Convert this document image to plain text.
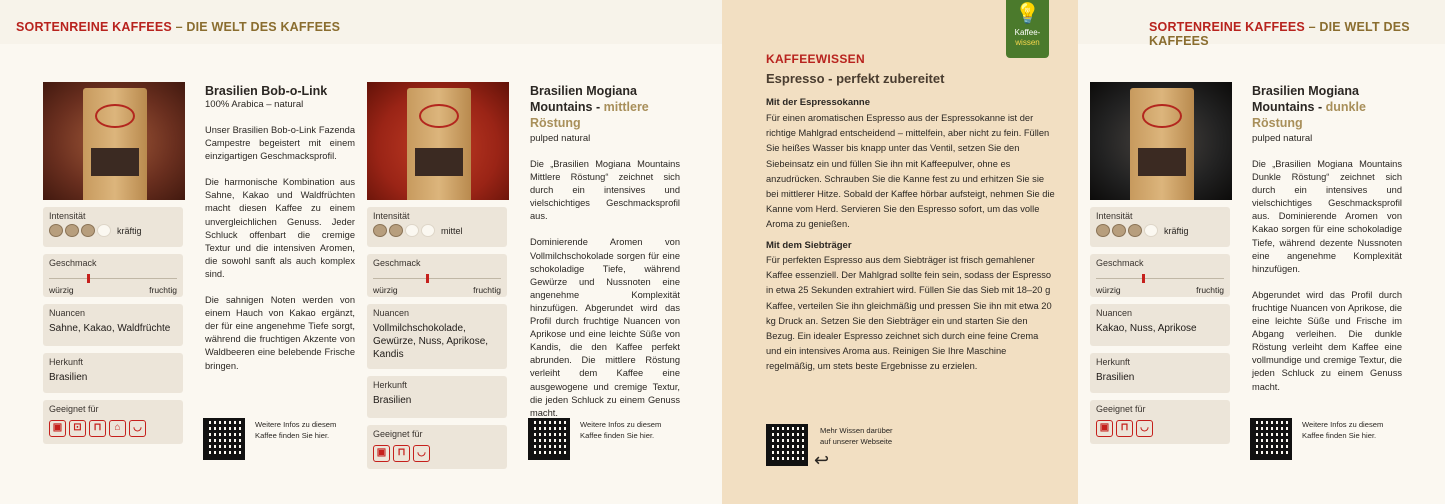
SORTENREINE KAFFEES – DIE WELT DES KAFFEES
Brasilien Bob-o-Link
100% Arabica – natural

Unser Brasilien Bob-o-Link Fazenda Campestre begeistert mit einem einzigartigen Geschmacksprofil.

Die harmonische Kombination aus Sahne, Kakao und Waldfrüchten macht diesen Kaffee zu einem unvergleichlichen Genuss. Jeder Schluck offenbart die cremige Textur und die intensiven Aromen, die sowohl sanft als auch komplex sind.

Die sahnigen Noten werden von einem Hauch von Kakao ergänzt, der für eine angenehme Tiefe sorgt, während die fruchtigen Akzente von Waldbeeren eine belebende Frische bringen.

Intensität
kräftig
Geschmack
würzig	fruchtig
Nuancen
Sahne, Kakao, Waldfrüchte
Herkunft
Brasilien
Geeignet für
▣	⊡	⊓	⌂	◡	Weitere Infos zu diesem
Kaffee finden Sie hier.
Brasilien Mogiana Mountains - mittlere Röstung
pulped natural

Die „Brasilien Mogiana Mountains Mittlere Röstung“ zeichnet sich durch ein intensives und vielschichtiges Geschmacksprofil aus.

Dominierende Aromen von Vollmilchschokolade sorgen für eine schokoladige Tiefe, während Gewürze und Nussnoten eine angenehme Komplexität hinzufügen. Abgerundet wird das Profil durch fruchtige Nuancen von Aprikose und eine leichte Süße von Kandis, die den Kaffee perfekt abrunden. Die mittlere Röstung verleiht dem Kaffee eine ausgewogene und cremige Textur, die jeden Schluck zu einem Genuss macht.

Intensität
mittel
Geschmack
würzig	fruchtig
Nuancen
Vollmilchschokolade, Gewürze, Nuss, Aprikose, Kandis
Herkunft
Brasilien
Geeignet für
▣	⊓	◡
Weitere Infos zu diesem
Kaffee finden Sie hier.
💡
Kaffee-
wissen
KAFFEEWISSEN
Espresso - perfekt zubereitet
Mit der Espressokanne
Für einen aromatischen Espresso aus der Espressokanne ist der richtige Mahlgrad entscheidend – mittelfein, aber nicht zu fein. Füllen Sie heißes Wasser bis knapp unter das Ventil, setzen Sie den Siebeinsatz ein und füllen Sie ihn mit Kaffeepulver, ohne es anzudrücken. Schrauben Sie die Kanne fest zu und erhitzen Sie sie bei mittlerer Hitze. Sobald der Kaffee hörbar aufsteigt, nehmen Sie die Kanne vom Herd. Servieren Sie den Espresso sofort, um das volle Aroma zu genießen.
Mit dem Siebträger
Für perfekten Espresso aus dem Siebträger ist frisch gemahlener Kaffee essenziell. Der Mahlgrad sollte fein sein, sodass der Espresso in etwa 25 Sekunden extrahiert wird. Füllen Sie das Sieb mit 18–20 g Kaffee, verteilen Sie ihn gleichmäßig und pressen Sie ihn mit etwa 20 kg Druck an. Setzen Sie den Siebträger ein und starten Sie den Bezug. Ein idealer Espresso zeichnet sich durch eine feine Crema und ein intensives Aroma aus. Reinigen Sie Ihre Maschine regelmäßig, um stets beste Ergebnisse zu erzielen.
Mehr Wissen darüber
auf unserer Webseite
↩
SORTENREINE KAFFEES – DIE WELT DES KAFFEES
Brasilien Mogiana Mountains - dunkle Röstung
pulped natural

Die „Brasilien Mogiana Mountains Dunkle Röstung“ zeichnet sich durch ein intensives und vielschichtiges Geschmacksprofil aus. Dominierende Aromen von Kakao sorgen für eine schokoladige Tiefe, während dezente Nussnoten eine angenehme Komplexität hinzufügen.

Abgerundet wird das Profil durch fruchtige Nuancen von Aprikose, die eine leichte Süße und Frische im Abgang verleihen. Die dunkle Röstung verleiht dem Kaffee eine vollmundige und cremige Textur, die jeden Schluck zu einem Genuss macht.

Intensität
kräftig
Geschmack
würzig	fruchtig
Nuancen
Kakao, Nuss, Aprikose
Herkunft
Brasilien
Geeignet für
▣	⊓	◡	Weitere Infos zu diesem
Kaffee finden Sie hier.
